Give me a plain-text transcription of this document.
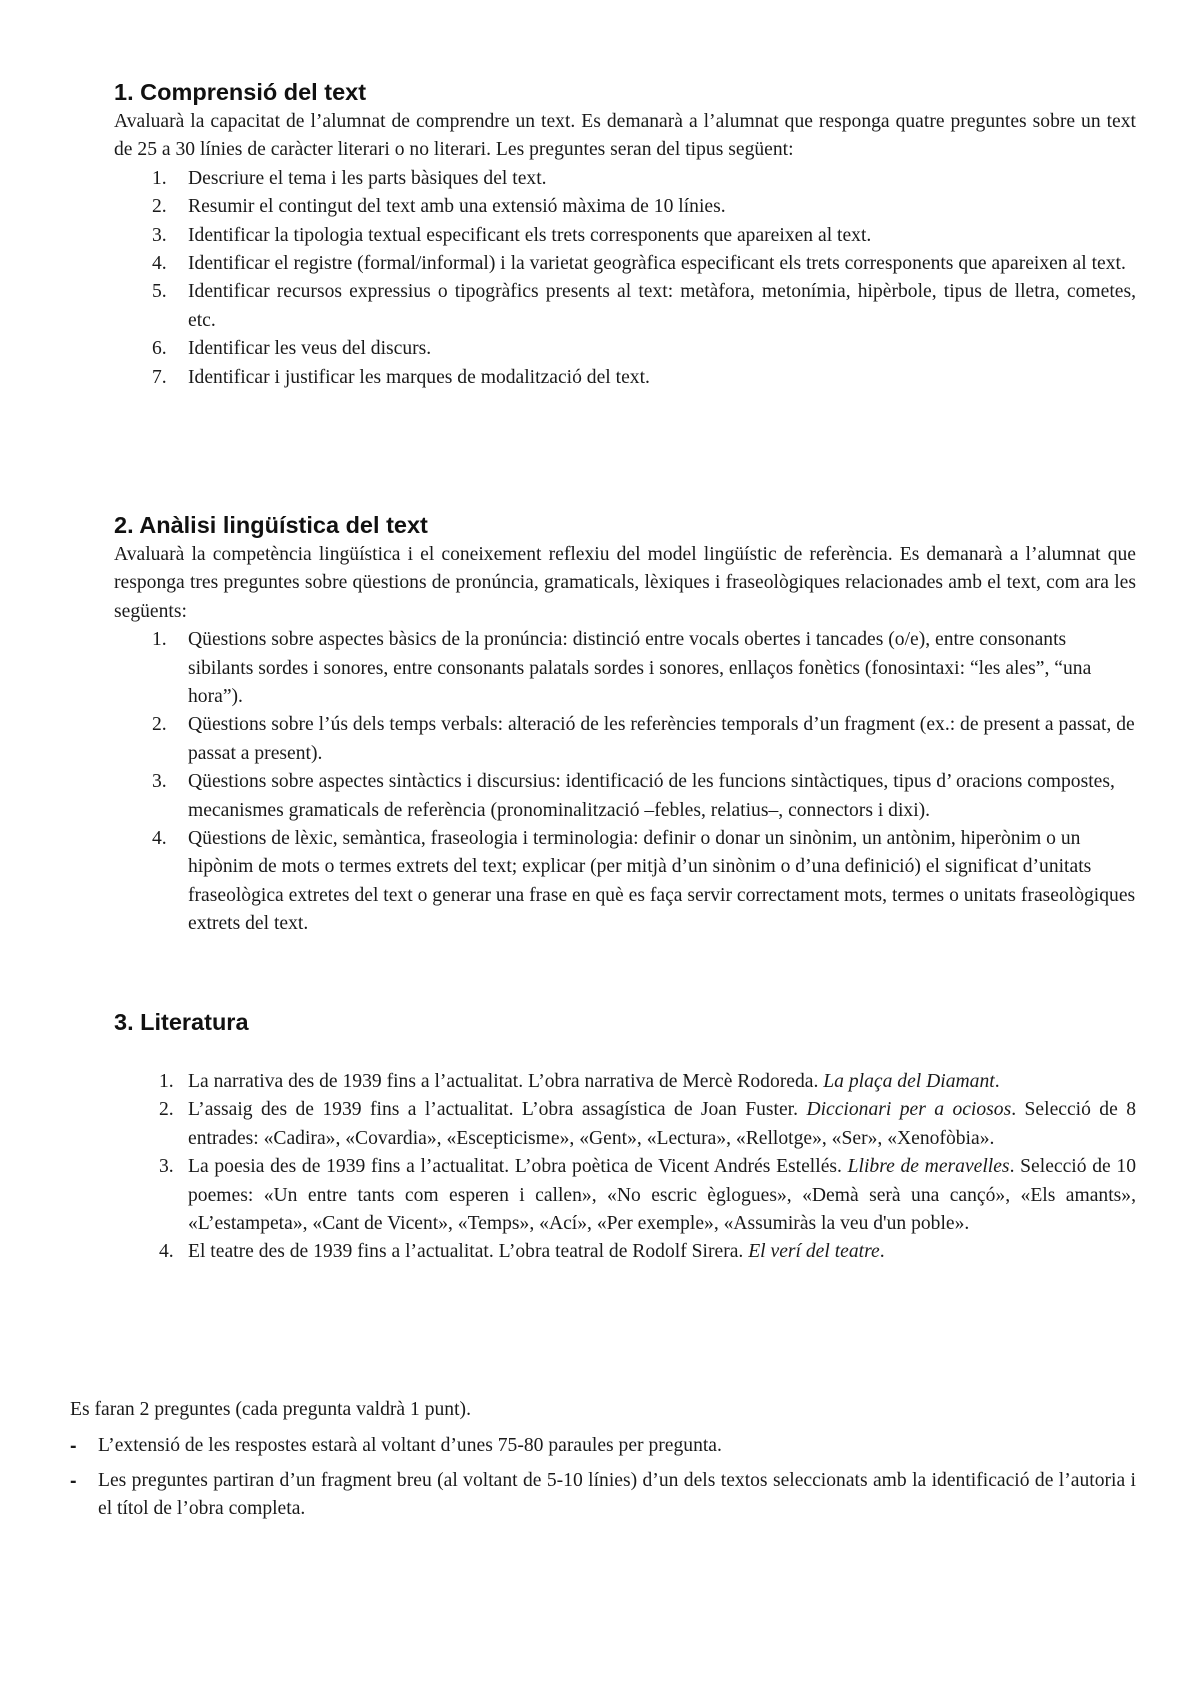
1. Comprensió del text

Avaluarà la capacitat de l’alumnat de comprendre un text. Es demanarà a l’alumnat que responga quatre preguntes sobre un text de 25 a 30 línies de caràcter literari o no literari. Les preguntes seran del tipus següent:

1. Descriure el tema i les parts bàsiques del text.
2. Resumir el contingut del text amb una extensió màxima de 10 línies.
3. Identificar la tipologia textual especificant els trets corresponents que apareixen al text.
4. Identificar el registre (formal/informal) i la varietat geogràfica especificant els trets corresponents que apareixen al text.
5. Identificar recursos expressius o tipogràfics presents al text: metàfora, metonímia, hipèrbole, tipus de lletra, cometes, etc.
6. Identificar les veus del discurs.
7. Identificar i justificar les marques de modalització del text.
2. Anàlisi lingüística del text

Avaluarà la competència lingüística i el coneixement reflexiu del model lingüístic de referència. Es demanarà a l’alumnat que responga tres preguntes sobre qüestions de pronúncia, gramaticals, lèxiques i fraseològiques relacionades amb el text, com ara les següents:

1. Qüestions sobre aspectes bàsics de la pronúncia: distinció entre vocals obertes i tancades (o/e), entre consonants sibilants sordes i sonores, entre consonants palatals sordes i sonores, enllaços fonètics (fonosintaxi: “les ales”, “una hora”).
2. Qüestions sobre l’ús dels temps verbals: alteració de les referències temporals d’un fragment (ex.: de present a passat, de passat a present).
3. Qüestions sobre aspectes sintàctics i discursius: identificació de les funcions sintàctiques, tipus d’ oracions compostes, mecanismes gramaticals de referència (pronominalització –febles, relatius–, connectors i dixi).
4. Qüestions de lèxic, semàntica, fraseologia i terminologia: definir o donar un sinònim, un antònim, hiperònim o un hipònim de mots o termes extrets del text; explicar (per mitjà d’un sinònim o d’una definició) el significat d’unitats fraseològica extretes del text o generar una frase en què es faça servir correctament mots, termes o unitats fraseològiques extrets del text.
3. Literatura
1. La narrativa des de 1939 fins a l’actualitat. L’obra narrativa de Mercè Rodoreda. La plaça del Diamant.
2. L’assaig des de 1939 fins a l’actualitat. L’obra assagística de Joan Fuster. Diccionari per a ociosos. Selecció de 8 entrades: «Cadira», «Covardia», «Escepticisme», «Gent», «Lectura», «Rellotge», «Ser», «Xenofòbia».
3. La poesia des de 1939 fins a l’actualitat. L’obra poètica de Vicent Andrés Estellés. Llibre de meravelles. Selecció de 10 poemes: «Un entre tants com esperen i callen», «No escric èglogues», «Demà serà una cançó», «Els amants», «L’estampeta», «Cant de Vicent», «Temps», «Ací», «Per exemple», «Assumiràs la veu d'un poble».
4. El teatre des de 1939 fins a l’actualitat. L’obra teatral de Rodolf Sirera. El verí del teatre.

Es faran 2 preguntes (cada pregunta valdrà 1 punt).

- L’extensió de les respostes estarà al voltant d’unes 75-80 paraules per pregunta.
- Les preguntes partiran d’un fragment breu (al voltant de 5-10 línies) d’un dels textos seleccionats amb la identificació de l’autoria i el títol de l’obra completa.
